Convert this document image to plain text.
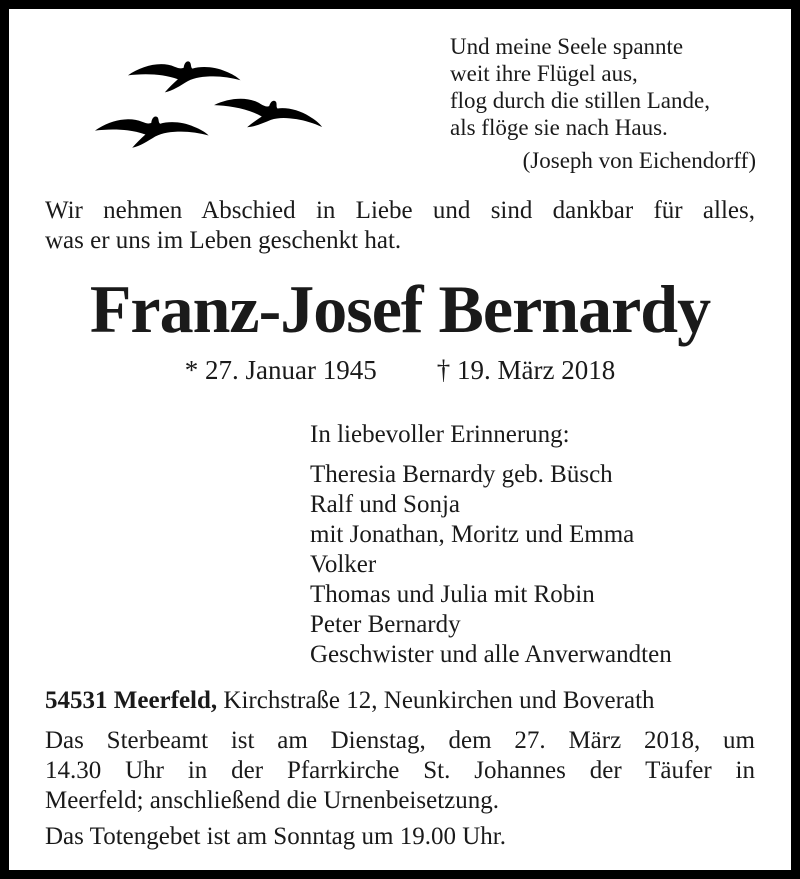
Und meine Seele spannte
weit ihre Flügel aus,
flog durch die stillen Lande,
als flöge sie nach Haus.
(Joseph von Eichendorff)
Wir nehmen Abschied in Liebe und sind dankbar für alles,
was er uns im Leben geschenkt hat.
Franz-Josef Bernardy
* 27. Januar 1945 † 19. März 2018
In liebevoller Erinnerung:
Theresia Bernardy geb. Büsch
Ralf und Sonja
mit Jonathan, Moritz und Emma
Volker
Thomas und Julia mit Robin
Peter Bernardy
Geschwister und alle Anverwandten
54531 Meerfeld, Kirchstraße 12, Neunkirchen und Boverath
Das Sterbeamt ist am Dienstag, dem 27. März 2018, um
14.30 Uhr in der Pfarrkirche St. Johannes der Täufer in
Meerfeld; anschließend die Urnenbeisetzung.
Das Totengebet ist am Sonntag um 19.00 Uhr.
